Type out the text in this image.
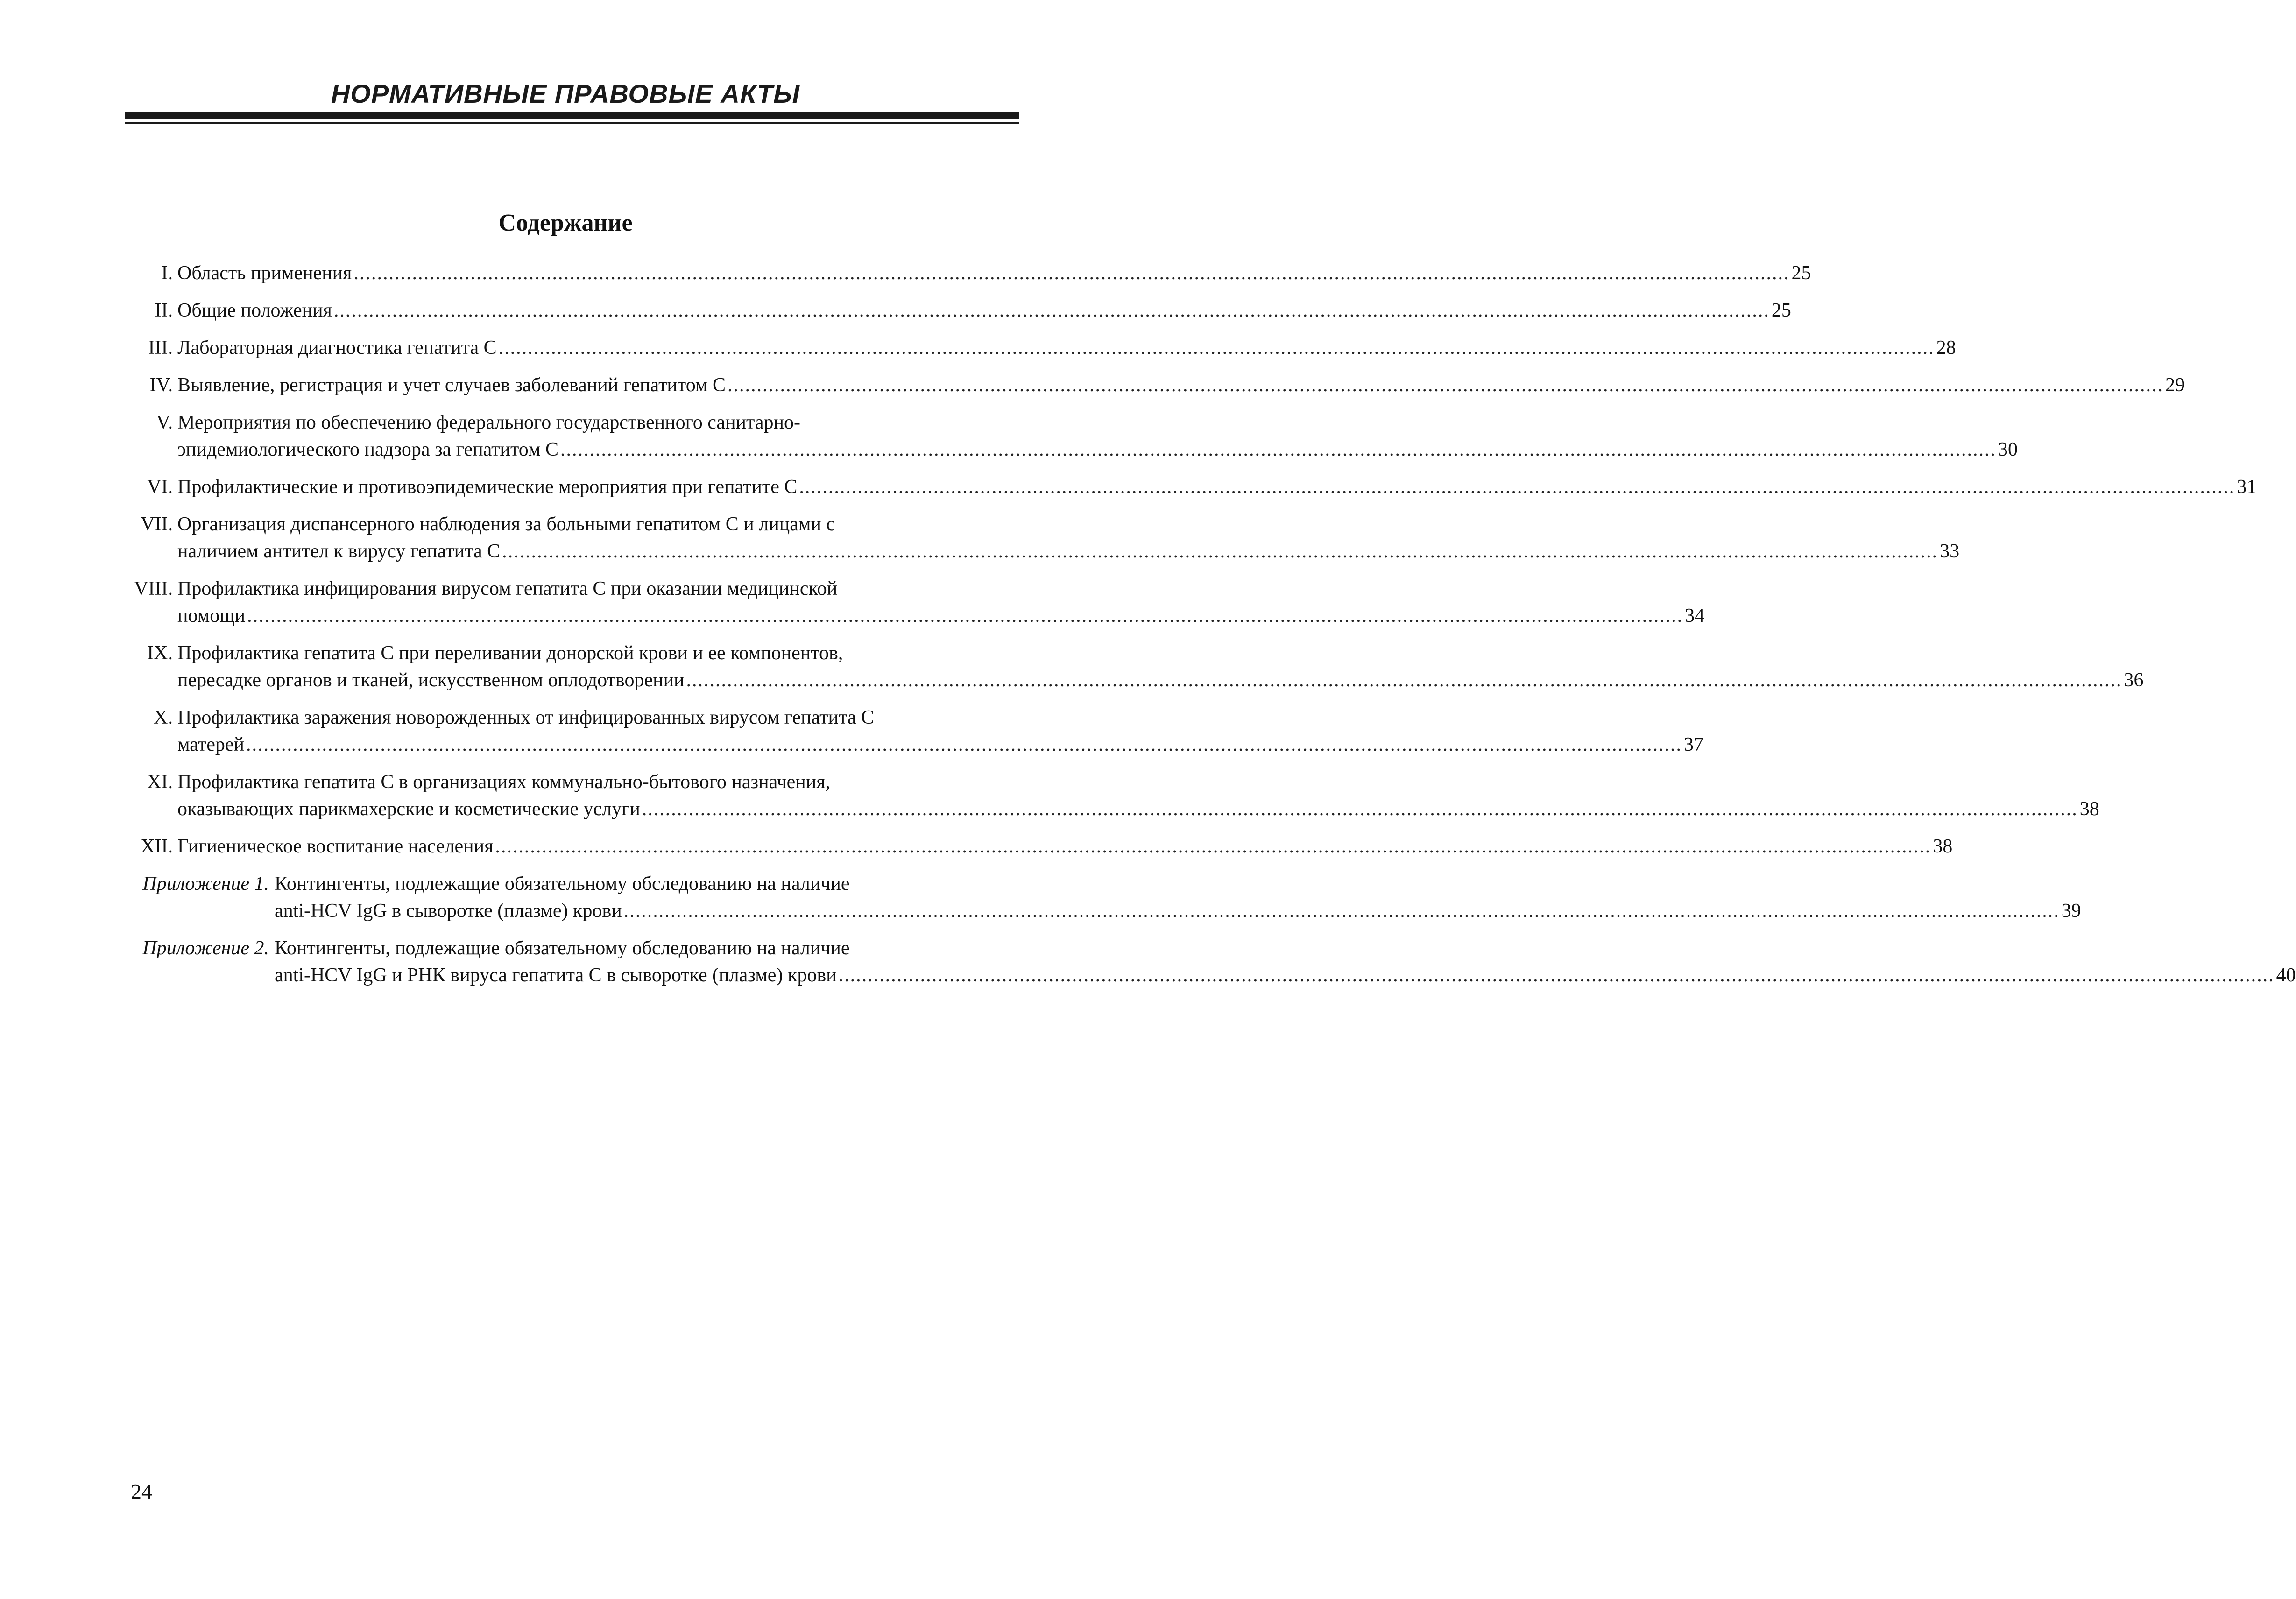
НОРМАТИВНЫЕ ПРАВОВЫЕ АКТЫ
Содержание
I. Область применения .....	25
II. Общие положения .....	25
III. Лабораторная диагностика гепатита С .....	28
IV. Выявление, регистрация и учет случаев заболеваний гепатитом С .....	29
V. Мероприятия по обеспечению федерального государственного санитарно-
эпидемиологического надзора за гепатитом С .....	30
VI. Профилактические и противоэпидемические мероприятия при гепатите С .....	31
VII. Организация диспансерного наблюдения за больными гепатитом С и лицами с
наличием антител к вирусу гепатита С .....	33
VIII. Профилактика инфицирования вирусом гепатита С при оказании медицинской
помощи .....	34
IX. Профилактика гепатита С при переливании донорской крови и ее компонентов,
пересадке органов и тканей, искусственном оплодотворении .....	36
X. Профилактика заражения новорожденных от инфицированных вирусом гепатита С
матерей .....	37
XI. Профилактика гепатита С в организациях коммунально-бытового назначения,
оказывающих парикмахерские и косметические услуги .....	38
XII. Гигиеническое воспитание населения .....	38
Приложение 1. Контингенты, подлежащие обязательному обследованию на наличие
anti-HCV IgG в сыворотке (плазме) крови .....	39
Приложение 2. Контингенты, подлежащие обязательному обследованию на наличие
anti-HCV IgG и РНК вируса гепатита С в сыворотке (плазме) крови .....	40
24
